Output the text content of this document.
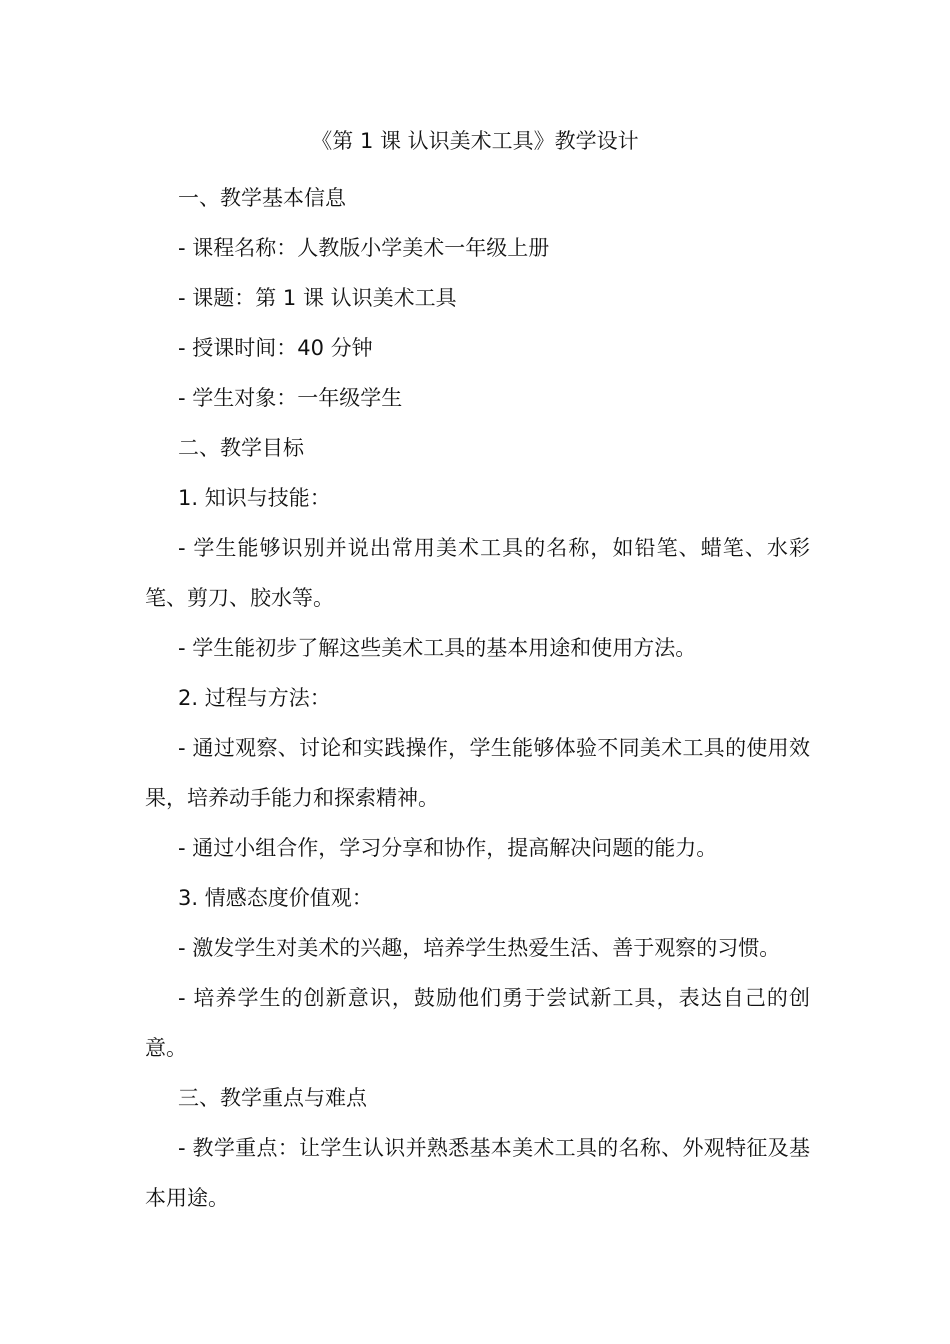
《第 1 课 认识美术工具》教学设计

一、教学基本信息

- 课程名称：人教版小学美术一年级上册

- 课题：第 1 课 认识美术工具

- 授课时间：40 分钟

- 学生对象：一年级学生

二、教学目标

1. 知识与技能：

- 学生能够识别并说出常用美术工具的名称，如铅笔、蜡笔、水彩笔、剪刀、胶水等。

- 学生能初步了解这些美术工具的基本用途和使用方法。

2. 过程与方法：

- 通过观察、讨论和实践操作，学生能够体验不同美术工具的使用效果，培养动手能力和探索精神。

- 通过小组合作，学习分享和协作，提高解决问题的能力。

3. 情感态度价值观：

- 激发学生对美术的兴趣，培养学生热爱生活、善于观察的习惯。

- 培养学生的创新意识，鼓励他们勇于尝试新工具，表达自己的创意。

三、教学重点与难点

- 教学重点：让学生认识并熟悉基本美术工具的名称、外观特征及基本用途。
